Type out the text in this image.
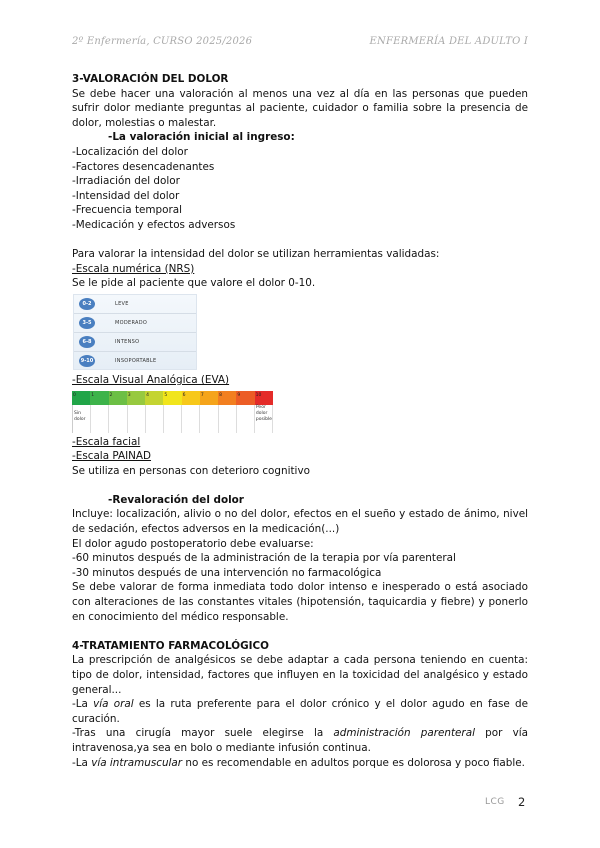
2º Enfermería, CURSO 2025/2026	ENFERMERÍA DEL ADULTO I

3-VALORACIÓN DEL DOLOR

Se debe hacer una valoración al menos una vez al día en las personas que pueden sufrir dolor mediante preguntas al paciente, cuidador o familia sobre la presencia de dolor, molestias o malestar.

-La valoración inicial al ingreso:

-Localización del dolor

-Factores desencadenantes

-Irradiación del dolor

-Intensidad del dolor

-Frecuencia temporal

-Medicación y efectos adversos

Para valorar la intensidad del dolor se utilizan herramientas validadas:

-Escala numérica (NRS)

Se le pide al paciente que valore el dolor 0-10.

0-2	LEVE
3-5	MODERADO
6-8	INTENSO
9-10	INSOPORTABLE

-Escala Visual Analógica (EVA)

0	1	2	3	4	5	6	7	8	9	10
Sin
dolor
Peor
dolor
posible

-Escala facial

-Escala PAINAD

Se utiliza en personas con deterioro cognitivo

-Revaloración del dolor

Incluye: localización, alivio o no del dolor, efectos en el sueño y estado de ánimo, nivel de sedación, efectos adversos en la medicación(...)

El dolor agudo postoperatorio debe evaluarse:

-60 minutos después de la administración de la terapia por vía parenteral

-30 minutos después de una intervención no farmacológica

Se debe valorar de forma inmediata todo dolor intenso e inesperado o está asociado con alteraciones de las constantes vitales (hipotensión, taquicardia y fiebre) y ponerlo en conocimiento del médico responsable.

4-TRATAMIENTO FARMACOLÓGICO

La prescripción de analgésicos se debe adaptar a cada persona teniendo en cuenta: tipo de dolor, intensidad, factores que influyen en la toxicidad del analgésico y estado general...

-La vía oral es la ruta preferente para el dolor crónico y el dolor agudo en fase de curación.

-Tras una cirugía mayor suele elegirse la administración parenteral por vía intravenosa,ya sea en bolo o mediante infusión continua.

-La vía intramuscular no es recomendable en adultos porque es dolorosa y poco fiable.

LCG 2
